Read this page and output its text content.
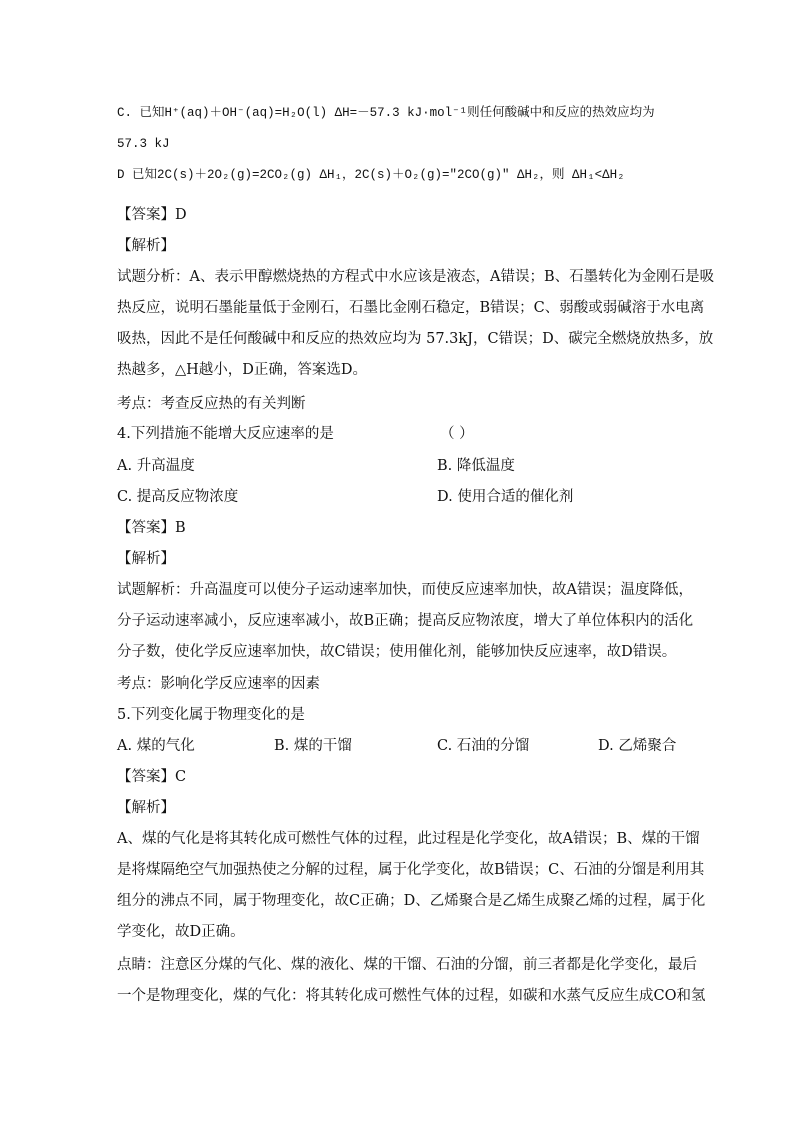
C. 已知H⁺(aq)＋OH⁻(aq)=H₂O(l) ΔH=－57.3 kJ·mol⁻¹则任何酸碱中和反应的热效应均为
57.3 kJ
D 已知2C(s)＋2O₂(g)=2CO₂(g) ΔH₁，2C(s)＋O₂(g)="2CO(g)" ΔH₂，则 ΔH₁<ΔH₂
【答案】D
【解析】
试题分析：A、表示甲醇燃烧热的方程式中水应该是液态，A错误；B、石墨转化为金刚石是吸
热反应，说明石墨能量低于金刚石，石墨比金刚石稳定，B错误；C、弱酸或弱碱溶于水电离
吸热，因此不是任何酸碱中和反应的热效应均为 57.3kJ，C错误；D、碳完全燃烧放热多，放
热越多，△H越小，D正确，答案选D。
考点：考查反应热的有关判断
4.下列措施不能增大反应速率的是	（ ）
A. 升高温度	B. 降低温度
C. 提高反应物浓度	D. 使用合适的催化剂
【答案】B
【解析】
试题解析：升高温度可以使分子运动速率加快，而使反应速率加快，故A错误；温度降低，
分子运动速率减小，反应速率减小，故B正确；提高反应物浓度，增大了单位体积内的活化
分子数，使化学反应速率加快，故C错误；使用催化剂，能够加快反应速率，故D错误。
考点：影响化学反应速率的因素
5.下列变化属于物理变化的是
A. 煤的气化	B. 煤的干馏	C. 石油的分馏	D. 乙烯聚合
【答案】C
【解析】
A、煤的气化是将其转化成可燃性气体的过程，此过程是化学变化，故A错误；B、煤的干馏
是将煤隔绝空气加强热使之分解的过程，属于化学变化，故B错误；C、石油的分馏是利用其
组分的沸点不同，属于物理变化，故C正确；D、乙烯聚合是乙烯生成聚乙烯的过程，属于化
学变化，故D正确。
点睛：注意区分煤的气化、煤的液化、煤的干馏、石油的分馏，前三者都是化学变化，最后
一个是物理变化，煤的气化：将其转化成可燃性气体的过程，如碳和水蒸气反应生成CO和氢
